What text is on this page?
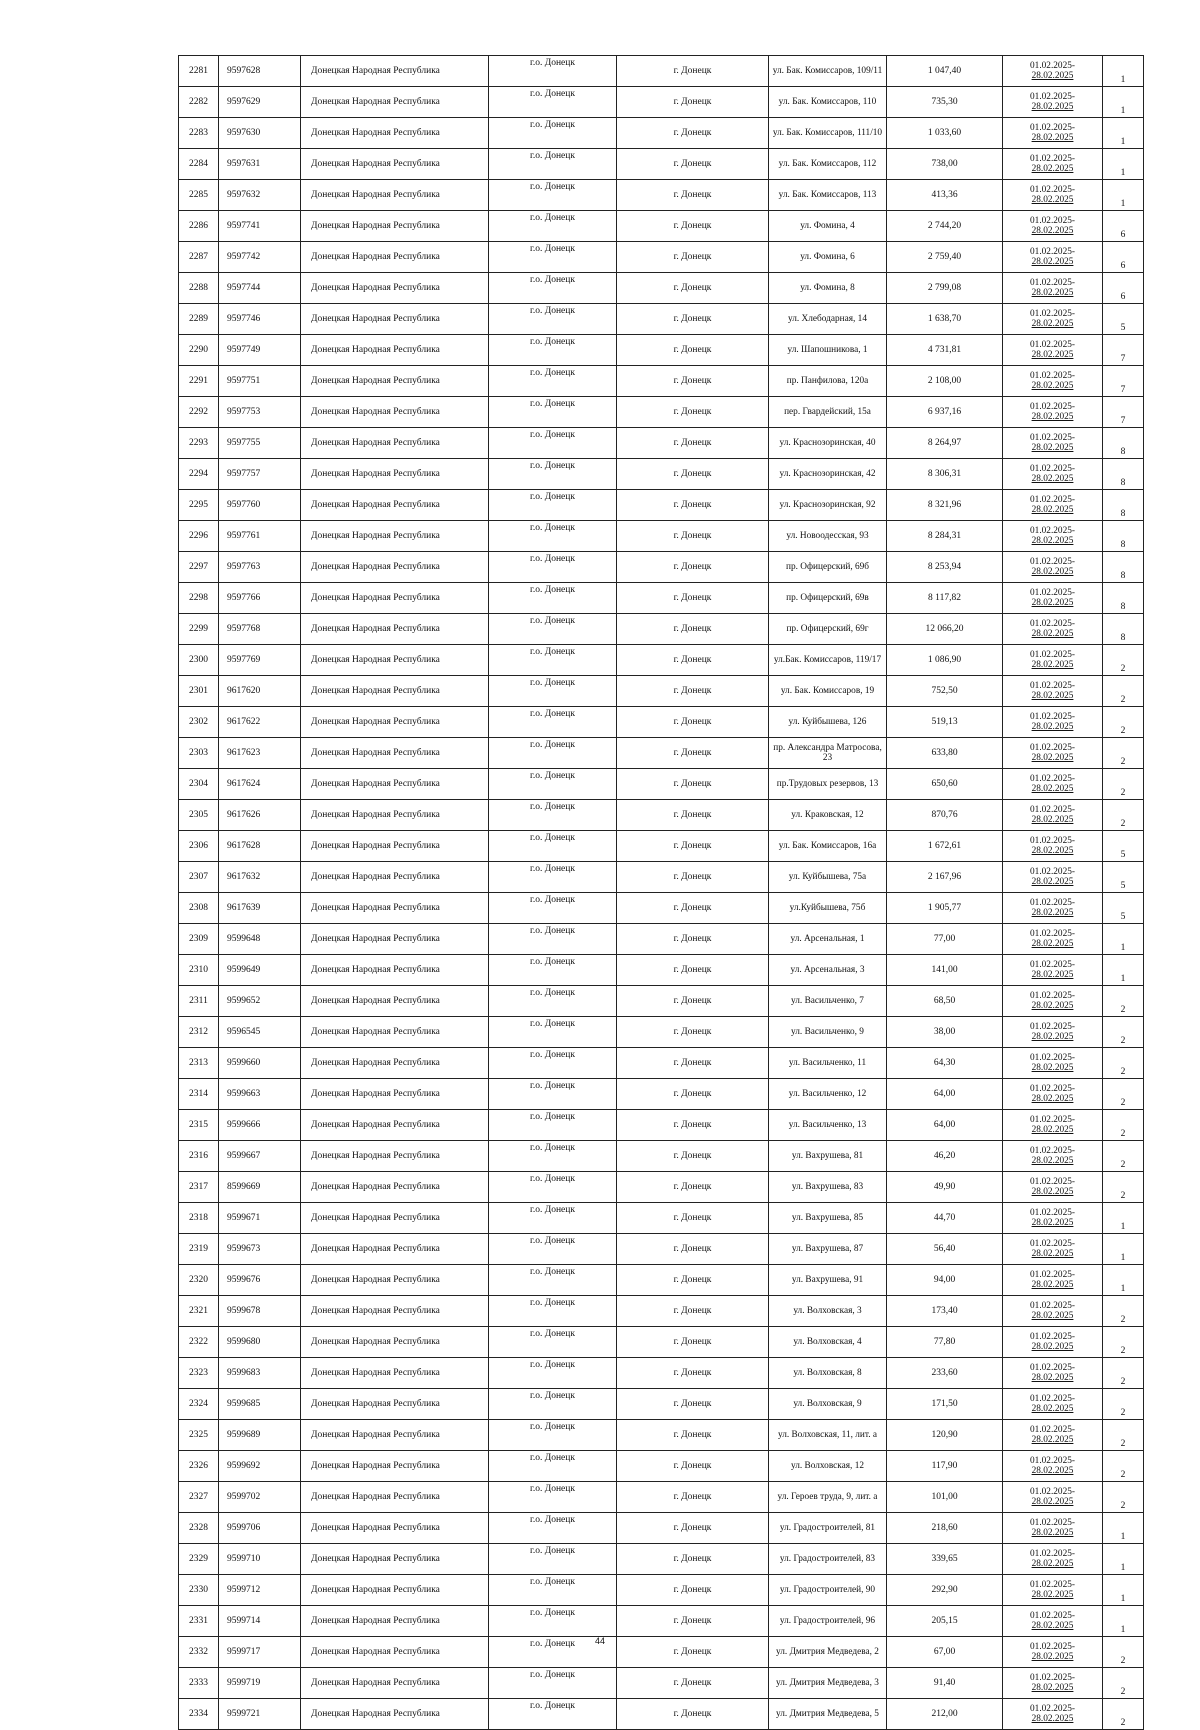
2281	9597628	Донецкая Народная Республика	г.о. Донецк	г. Донецк	ул. Бак. Комиссаров, 109/11	1 047,40	01.02.2025-
28.02.2025	1
2282	9597629	Донецкая Народная Республика	г.о. Донецк	г. Донецк	ул. Бак. Комиссаров, 110	735,30	01.02.2025-
28.02.2025	1
2283	9597630	Донецкая Народная Республика	г.о. Донецк	г. Донецк	ул. Бак. Комиссаров, 111/10	1 033,60	01.02.2025-
28.02.2025	1
2284	9597631	Донецкая Народная Республика	г.о. Донецк	г. Донецк	ул. Бак. Комиссаров, 112	738,00	01.02.2025-
28.02.2025	1
2285	9597632	Донецкая Народная Республика	г.о. Донецк	г. Донецк	ул. Бак. Комиссаров, 113	413,36	01.02.2025-
28.02.2025	1
2286	9597741	Донецкая Народная Республика	г.о. Донецк	г. Донецк	ул. Фомина, 4	2 744,20	01.02.2025-
28.02.2025	6
2287	9597742	Донецкая Народная Республика	г.о. Донецк	г. Донецк	ул. Фомина, 6	2 759,40	01.02.2025-
28.02.2025	6
2288	9597744	Донецкая Народная Республика	г.о. Донецк	г. Донецк	ул. Фомина, 8	2 799,08	01.02.2025-
28.02.2025	6
2289	9597746	Донецкая Народная Республика	г.о. Донецк	г. Донецк	ул. Хлебодарная, 14	1 638,70	01.02.2025-
28.02.2025	5
2290	9597749	Донецкая Народная Республика	г.о. Донецк	г. Донецк	ул. Шапошникова, 1	4 731,81	01.02.2025-
28.02.2025	7
2291	9597751	Донецкая Народная Республика	г.о. Донецк	г. Донецк	пр. Панфилова, 120а	2 108,00	01.02.2025-
28.02.2025	7
2292	9597753	Донецкая Народная Республика	г.о. Донецк	г. Донецк	пер. Гвардейский, 15а	6 937,16	01.02.2025-
28.02.2025	7
2293	9597755	Донецкая Народная Республика	г.о. Донецк	г. Донецк	ул. Краснозоринская, 40	8 264,97	01.02.2025-
28.02.2025	8
2294	9597757	Донецкая Народная Республика	г.о. Донецк	г. Донецк	ул. Краснозоринская, 42	8 306,31	01.02.2025-
28.02.2025	8
2295	9597760	Донецкая Народная Республика	г.о. Донецк	г. Донецк	ул. Краснозоринская, 92	8 321,96	01.02.2025-
28.02.2025	8
2296	9597761	Донецкая Народная Республика	г.о. Донецк	г. Донецк	ул. Новоодесская, 93	8 284,31	01.02.2025-
28.02.2025	8
2297	9597763	Донецкая Народная Республика	г.о. Донецк	г. Донецк	пр. Офицерский, 69б	8 253,94	01.02.2025-
28.02.2025	8
2298	9597766	Донецкая Народная Республика	г.о. Донецк	г. Донецк	пр. Офицерский, 69в	8 117,82	01.02.2025-
28.02.2025	8
2299	9597768	Донецкая Народная Республика	г.о. Донецк	г. Донецк	пр. Офицерский, 69г	12 066,20	01.02.2025-
28.02.2025	8
2300	9597769	Донецкая Народная Республика	г.о. Донецк	г. Донецк	ул.Бак. Комиссаров, 119/17	1 086,90	01.02.2025-
28.02.2025	2
2301	9617620	Донецкая Народная Республика	г.о. Донецк	г. Донецк	ул. Бак. Комиссаров, 19	752,50	01.02.2025-
28.02.2025	2
2302	9617622	Донецкая Народная Республика	г.о. Донецк	г. Донецк	ул. Куйбышева, 126	519,13	01.02.2025-
28.02.2025	2
2303	9617623	Донецкая Народная Республика	г.о. Донецк	г. Донецк	пр. Александра Матросова, 23	633,80	01.02.2025-
28.02.2025	2
2304	9617624	Донецкая Народная Республика	г.о. Донецк	г. Донецк	пр.Трудовых резервов, 13	650,60	01.02.2025-
28.02.2025	2
2305	9617626	Донецкая Народная Республика	г.о. Донецк	г. Донецк	ул. Краковская, 12	870,76	01.02.2025-
28.02.2025	2
2306	9617628	Донецкая Народная Республика	г.о. Донецк	г. Донецк	ул. Бак. Комиссаров, 16а	1 672,61	01.02.2025-
28.02.2025	5
2307	9617632	Донецкая Народная Республика	г.о. Донецк	г. Донецк	ул. Куйбышева, 75а	2 167,96	01.02.2025-
28.02.2025	5
2308	9617639	Донецкая Народная Республика	г.о. Донецк	г. Донецк	ул.Куйбышева, 75б	1 905,77	01.02.2025-
28.02.2025	5
2309	9599648	Донецкая Народная Республика	г.о. Донецк	г. Донецк	ул. Арсенальная, 1	77,00	01.02.2025-
28.02.2025	1
2310	9599649	Донецкая Народная Республика	г.о. Донецк	г. Донецк	ул. Арсенальная, 3	141,00	01.02.2025-
28.02.2025	1
2311	9599652	Донецкая Народная Республика	г.о. Донецк	г. Донецк	ул. Васильченко, 7	68,50	01.02.2025-
28.02.2025	2
2312	9596545	Донецкая Народная Республика	г.о. Донецк	г. Донецк	ул. Васильченко, 9	38,00	01.02.2025-
28.02.2025	2
2313	9599660	Донецкая Народная Республика	г.о. Донецк	г. Донецк	ул. Васильченко, 11	64,30	01.02.2025-
28.02.2025	2
2314	9599663	Донецкая Народная Республика	г.о. Донецк	г. Донецк	ул. Васильченко, 12	64,00	01.02.2025-
28.02.2025	2
2315	9599666	Донецкая Народная Республика	г.о. Донецк	г. Донецк	ул. Васильченко, 13	64,00	01.02.2025-
28.02.2025	2
2316	9599667	Донецкая Народная Республика	г.о. Донецк	г. Донецк	ул. Вахрушева, 81	46,20	01.02.2025-
28.02.2025	2
2317	8599669	Донецкая Народная Республика	г.о. Донецк	г. Донецк	ул. Вахрушева, 83	49,90	01.02.2025-
28.02.2025	2
2318	9599671	Донецкая Народная Республика	г.о. Донецк	г. Донецк	ул. Вахрушева, 85	44,70	01.02.2025-
28.02.2025	1
2319	9599673	Донецкая Народная Республика	г.о. Донецк	г. Донецк	ул. Вахрушева, 87	56,40	01.02.2025-
28.02.2025	1
2320	9599676	Донецкая Народная Республика	г.о. Донецк	г. Донецк	ул. Вахрушева, 91	94,00	01.02.2025-
28.02.2025	1
2321	9599678	Донецкая Народная Республика	г.о. Донецк	г. Донецк	ул. Волховская, 3	173,40	01.02.2025-
28.02.2025	2
2322	9599680	Донецкая Народная Республика	г.о. Донецк	г. Донецк	ул. Волховская, 4	77,80	01.02.2025-
28.02.2025	2
2323	9599683	Донецкая Народная Республика	г.о. Донецк	г. Донецк	ул. Волховская, 8	233,60	01.02.2025-
28.02.2025	2
2324	9599685	Донецкая Народная Республика	г.о. Донецк	г. Донецк	ул. Волховская, 9	171,50	01.02.2025-
28.02.2025	2
2325	9599689	Донецкая Народная Республика	г.о. Донецк	г. Донецк	ул. Волховская, 11, лит. а	120,90	01.02.2025-
28.02.2025	2
2326	9599692	Донецкая Народная Республика	г.о. Донецк	г. Донецк	ул. Волховская, 12	117,90	01.02.2025-
28.02.2025	2
2327	9599702	Донецкая Народная Республика	г.о. Донецк	г. Донецк	ул. Героев труда, 9, лит. а	101,00	01.02.2025-
28.02.2025	2
2328	9599706	Донецкая Народная Республика	г.о. Донецк	г. Донецк	ул. Градостроителей, 81	218,60	01.02.2025-
28.02.2025	1
2329	9599710	Донецкая Народная Республика	г.о. Донецк	г. Донецк	ул. Градостроителей, 83	339,65	01.02.2025-
28.02.2025	1
2330	9599712	Донецкая Народная Республика	г.о. Донецк	г. Донецк	ул. Градостроителей, 90	292,90	01.02.2025-
28.02.2025	1
2331	9599714	Донецкая Народная Республика	г.о. Донецк	г. Донецк	ул. Градостроителей, 96	205,15	01.02.2025-
28.02.2025	1
2332	9599717	Донецкая Народная Республика	г.о. Донецк	г. Донецк	ул. Дмитрия Медведева, 2	67,00	01.02.2025-
28.02.2025	2
2333	9599719	Донецкая Народная Республика	г.о. Донецк	г. Донецк	ул. Дмитрия Медведева, 3	91,40	01.02.2025-
28.02.2025	2
2334	9599721	Донецкая Народная Республика	г.о. Донецк	г. Донецк	ул. Дмитрия Медведева, 5	212,00	01.02.2025-
28.02.2025	2
44
